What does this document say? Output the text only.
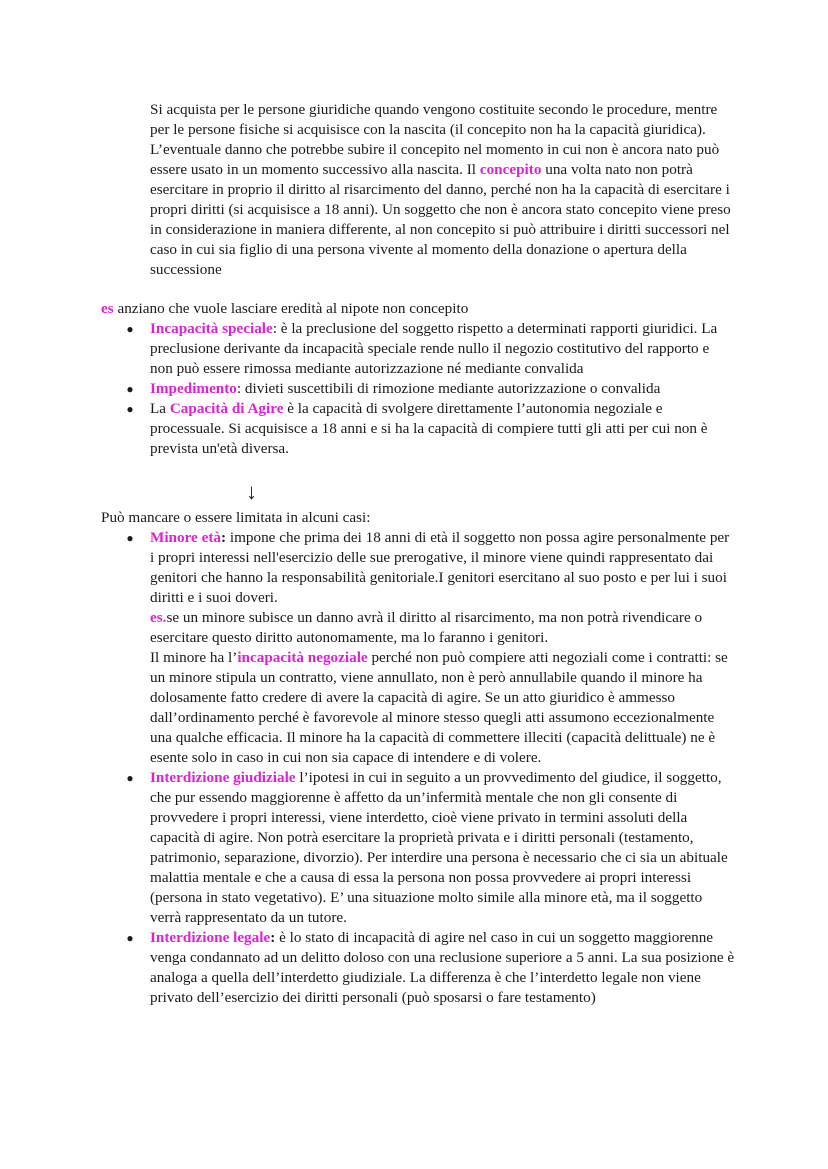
Si acquista per le persone giuridiche quando vengono costituite secondo le procedure, mentre per le persone fisiche si acquisisce con la nascita (il concepito non ha la capacità giuridica). L’eventuale danno che potrebbe subire il concepito nel momento in cui non è ancora nato può essere usato in un momento successivo alla nascita. Il concepito una volta nato non potrà esercitare in proprio il diritto al risarcimento del danno, perché non ha la capacità di esercitare i propri diritti (si acquisisce a 18 anni). Un soggetto che non è ancora stato concepito viene preso in considerazione in maniera differente, al non concepito si può attribuire i diritti successori nel caso in cui sia figlio di una persona vivente al momento della donazione o apertura della successione

es anziano che vuole lasciare eredità al nipote non concepito

● Incapacità speciale: è la preclusione del soggetto rispetto a determinati rapporti giuridici. La preclusione derivante da incapacità speciale rende nullo il negozio costitutivo del rapporto e non può essere rimossa mediante autorizzazione né mediante convalida
● Impedimento: divieti suscettibili di rimozione mediante autorizzazione o convalida
● La Capacità di Agire è la capacità di svolgere direttamente l’autonomia negoziale e processuale. Si acquisisce a 18 anni e si ha la capacità di compiere tutti gli atti per cui non è prevista un'età diversa.
↓

Può mancare o essere limitata in alcuni casi:

● Minore età: impone che prima dei 18 anni di età il soggetto non possa agire personalmente per i propri interessi nell'esercizio delle sue prerogative, il minore viene quindi rappresentato dai genitori che hanno la responsabilità genitoriale.I genitori esercitano al suo posto e per lui i suoi diritti e i suoi doveri.
es.se un minore subisce un danno avrà il diritto al risarcimento, ma non potrà rivendicare o esercitare questo diritto autonomamente, ma lo faranno i genitori.
Il minore ha l’incapacità negoziale perché non può compiere atti negoziali come i contratti: se un minore stipula un contratto, viene annullato, non è però annullabile quando il minore ha dolosamente fatto credere di avere la capacità di agire. Se un atto giuridico è ammesso dall’ordinamento perché è favorevole al minore stesso quegli atti assumono eccezionalmente una qualche efficacia. Il minore ha la capacità di commettere illeciti (capacità delittuale) ne è esente solo in caso in cui non sia capace di intendere e di volere.
● Interdizione giudiziale l’ipotesi in cui in seguito a un provvedimento del giudice, il soggetto, che pur essendo maggiorenne è affetto da un’infermità mentale che non gli consente di provvedere i propri interessi, viene interdetto, cioè viene privato in termini assoluti della capacità di agire. Non potrà esercitare la proprietà privata e i diritti personali (testamento, patrimonio, separazione, divorzio). Per interdire una persona è necessario che ci sia un abituale malattia mentale e che a causa di essa la persona non possa provvedere ai propri interessi (persona in stato vegetativo). E’ una situazione molto simile alla minore età, ma il soggetto verrà rappresentato da un tutore.
● Interdizione legale: è lo stato di incapacità di agire nel caso in cui un soggetto maggiorenne venga condannato ad un delitto doloso con una reclusione superiore a 5 anni. La sua posizione è analoga a quella dell’interdetto giudiziale. La differenza è che l’interdetto legale non viene privato dell’esercizio dei diritti personali (può sposarsi o fare testamento)
